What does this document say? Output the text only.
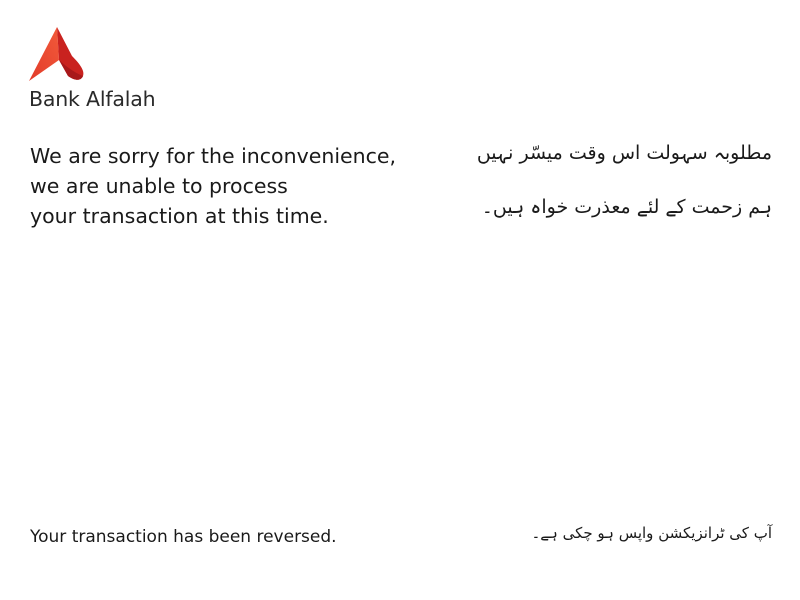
Bank Alfalah
We are sorry for the inconvenience,
we are unable to process
your transaction at this time.
مطلوبہ سہولت اس وقت میسّر نہیں
ہم زحمت کے لئے معذرت خواہ ہیں۔
Your transaction has been reversed.	آپ کی ٹرانزیکشن واپس ہو چکی ہے۔
